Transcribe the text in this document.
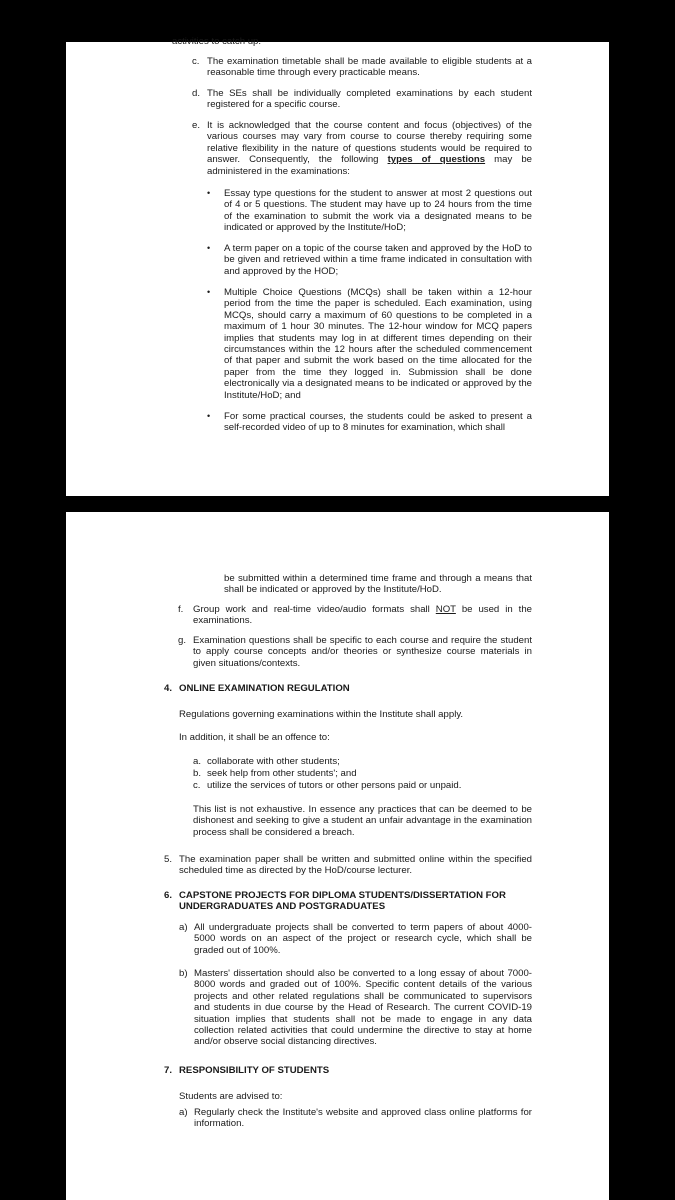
activities to catch up.
c. The examination timetable shall be made available to eligible students at a reasonable time through every practicable means.

d. The SEs shall be individually completed examinations by each student registered for a specific course.

e. It is acknowledged that the course content and focus (objectives) of the various courses may vary from course to course thereby requiring some relative flexibility in the nature of questions students would be required to answer. Consequently, the following types of questions may be administered in the examinations:

• Essay type questions for the student to answer at most 2 questions out of 4 or 5 questions. The student may have up to 24 hours from the time of the examination to submit the work via a designated means to be indicated or approved by the Institute/HoD;

• A term paper on a topic of the course taken and approved by the HoD to be given and retrieved within a time frame indicated in consultation with and approved by the HOD;

• Multiple Choice Questions (MCQs) shall be taken within a 12-hour period from the time the paper is scheduled. Each examination, using MCQs, should carry a maximum of 60 questions to be completed in a maximum of 1 hour 30 minutes. The 12-hour window for MCQ papers implies that students may log in at different times depending on their circumstances within the 12 hours after the scheduled commencement of that paper and submit the work based on the time allocated for the paper from the time they logged in. Submission shall be done electronically via a designated means to be indicated or approved by the Institute/HoD; and

• For some practical courses, the students could be asked to present a self-recorded video of up to 8 minutes for examination, which shall

be submitted within a determined time frame and through a means that shall be indicated or approved by the Institute/HoD.

f. Group work and real-time video/audio formats shall NOT be used in the examinations.

g. Examination questions shall be specific to each course and require the student to apply course concepts and/or theories or synthesize course materials in given situations/contexts.

4. ONLINE EXAMINATION REGULATION

Regulations governing examinations within the Institute shall apply.

In addition, it shall be an offence to:

a. collaborate with other students;
b. seek help from other students'; and
c. utilize the services of tutors or other persons paid or unpaid.

This list is not exhaustive. In essence any practices that can be deemed to be dishonest and seeking to give a student an unfair advantage in the examination process shall be considered a breach.

5. The examination paper shall be written and submitted online within the specified scheduled time as directed by the HoD/course lecturer.

6. CAPSTONE PROJECTS FOR DIPLOMA STUDENTS/DISSERTATION FOR UNDERGRADUATES AND POSTGRADUATES

a) All undergraduate projects shall be converted to term papers of about 4000-5000 words on an aspect of the project or research cycle, which shall be graded out of 100%.

b) Masters' dissertation should also be converted to a long essay of about 7000-8000 words and graded out of 100%. Specific content details of the various projects and other related regulations shall be communicated to supervisors and students in due course by the Head of Research. The current COVID-19 situation implies that students shall not be made to engage in any data collection related activities that could undermine the directive to stay at home and/or observe social distancing directives.

7. RESPONSIBILITY OF STUDENTS

Students are advised to:

a) Regularly check the Institute's website and approved class online platforms for information.
